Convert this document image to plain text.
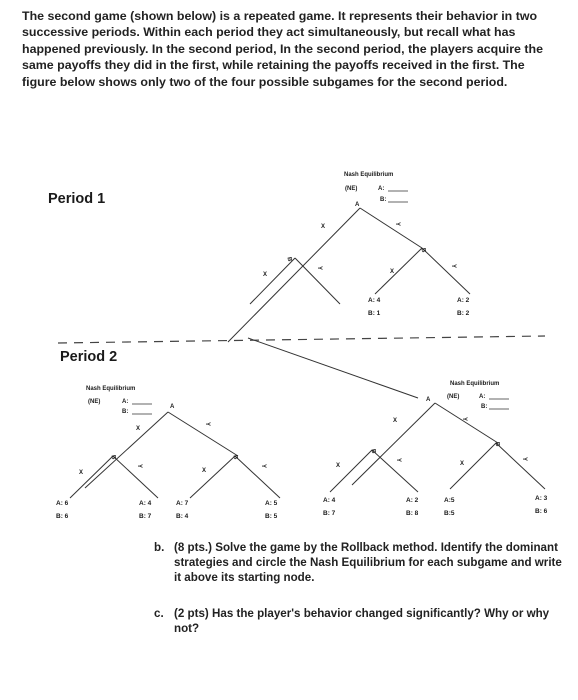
The second game (shown below) is a repeated game. It represents their behavior in two successive periods. Within each period they act simultaneously, but recall what has happened previously. In the second period, In the second period, the players acquire the same payoffs they did in the first, while retaining the payoffs received in the first. The figure below shows only two of the four possible subgames for the second period.
Period 1
Period 2
Nash Equilibrium
(NE)	A:
B:
A
X	Y
B
B
X
Y
X
Y
A: 4
B: 1
A: 2
B: 2
Nash Equilibrium
(NE)	A:
B:
A
X
Y
B	B
X
Y
X
Y
Nash Equilibrium
(NE)	A:
B:
A
X	Y
B
B
X
Y
X
Y
A: 6
B: 6
A: 4
B: 7
A: 7
B: 4
A: 5
B: 5
A: 4
B: 7
A: 2
B: 8
A:5
B:5
A: 3
B: 6
b. (8 pts.) Solve the game by the Rollback method. Identify the dominant strategies and circle the Nash Equilibrium for each subgame and write it above its starting node.
c. (2 pts) Has the player's behavior changed significantly? Why or why not?
